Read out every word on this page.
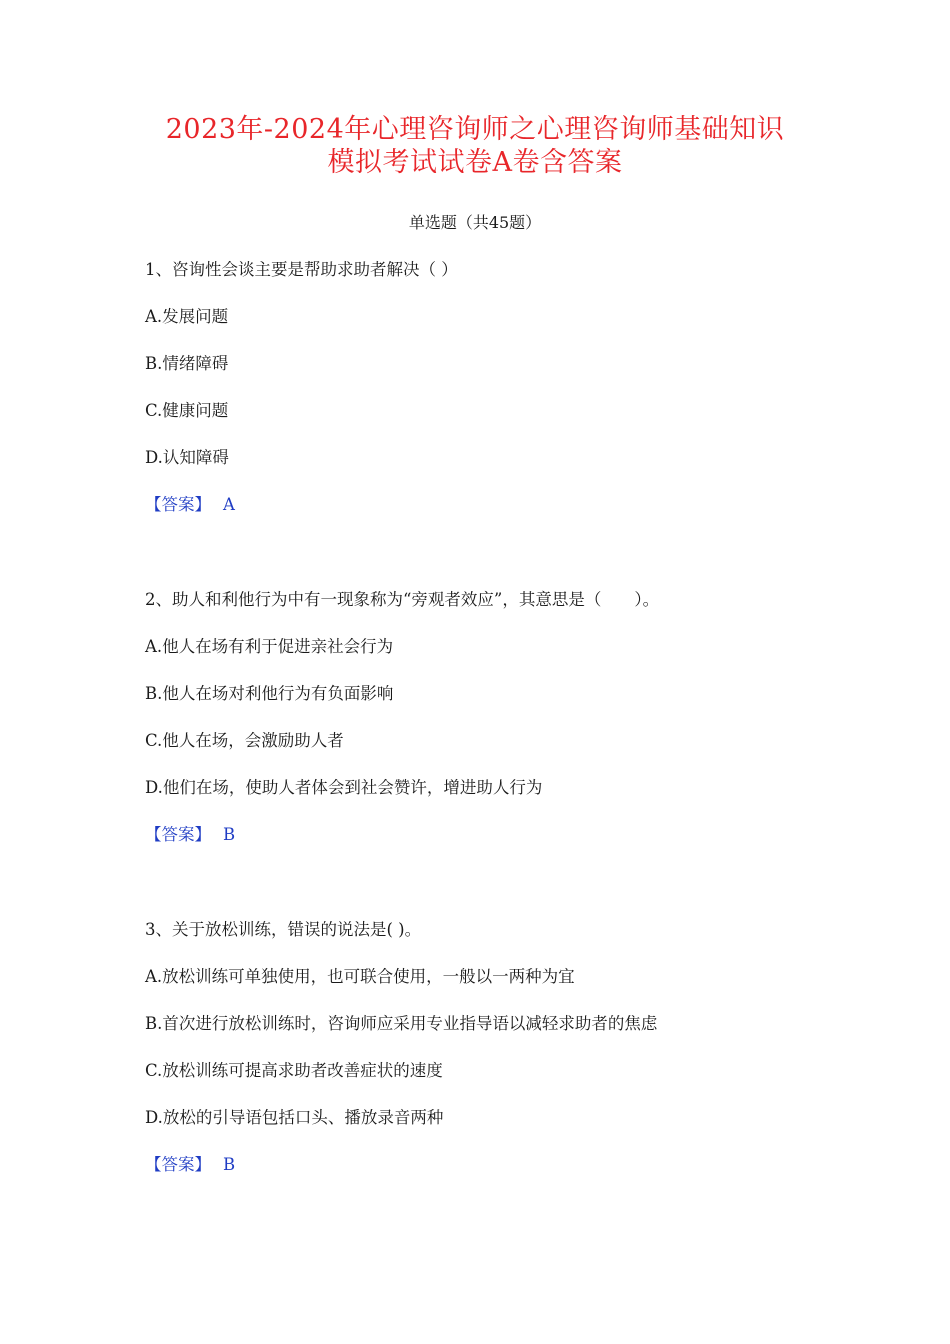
2023年-2024年心理咨询师之心理咨询师基础知识
模拟考试试卷A卷含答案
单选题（共45题）
1、咨询性会谈主要是帮助求助者解决（ ）
A.发展问题
B.情绪障碍
C.健康问题
D.认知障碍
【答案】 A
2、助人和利他行为中有一现象称为“旁观者效应”，其意思是（　　）。
A.他人在场有利于促进亲社会行为
B.他人在场对利他行为有负面影响
C.他人在场，会激励助人者
D.他们在场，使助人者体会到社会赞许，增进助人行为
【答案】 B
3、关于放松训练，错误的说法是( )。
A.放松训练可单独使用，也可联合使用，一般以一两种为宜
B.首次进行放松训练时，咨询师应采用专业指导语以减轻求助者的焦虑
C.放松训练可提高求助者改善症状的速度
D.放松的引导语包括口头、播放录音两种
【答案】 B
